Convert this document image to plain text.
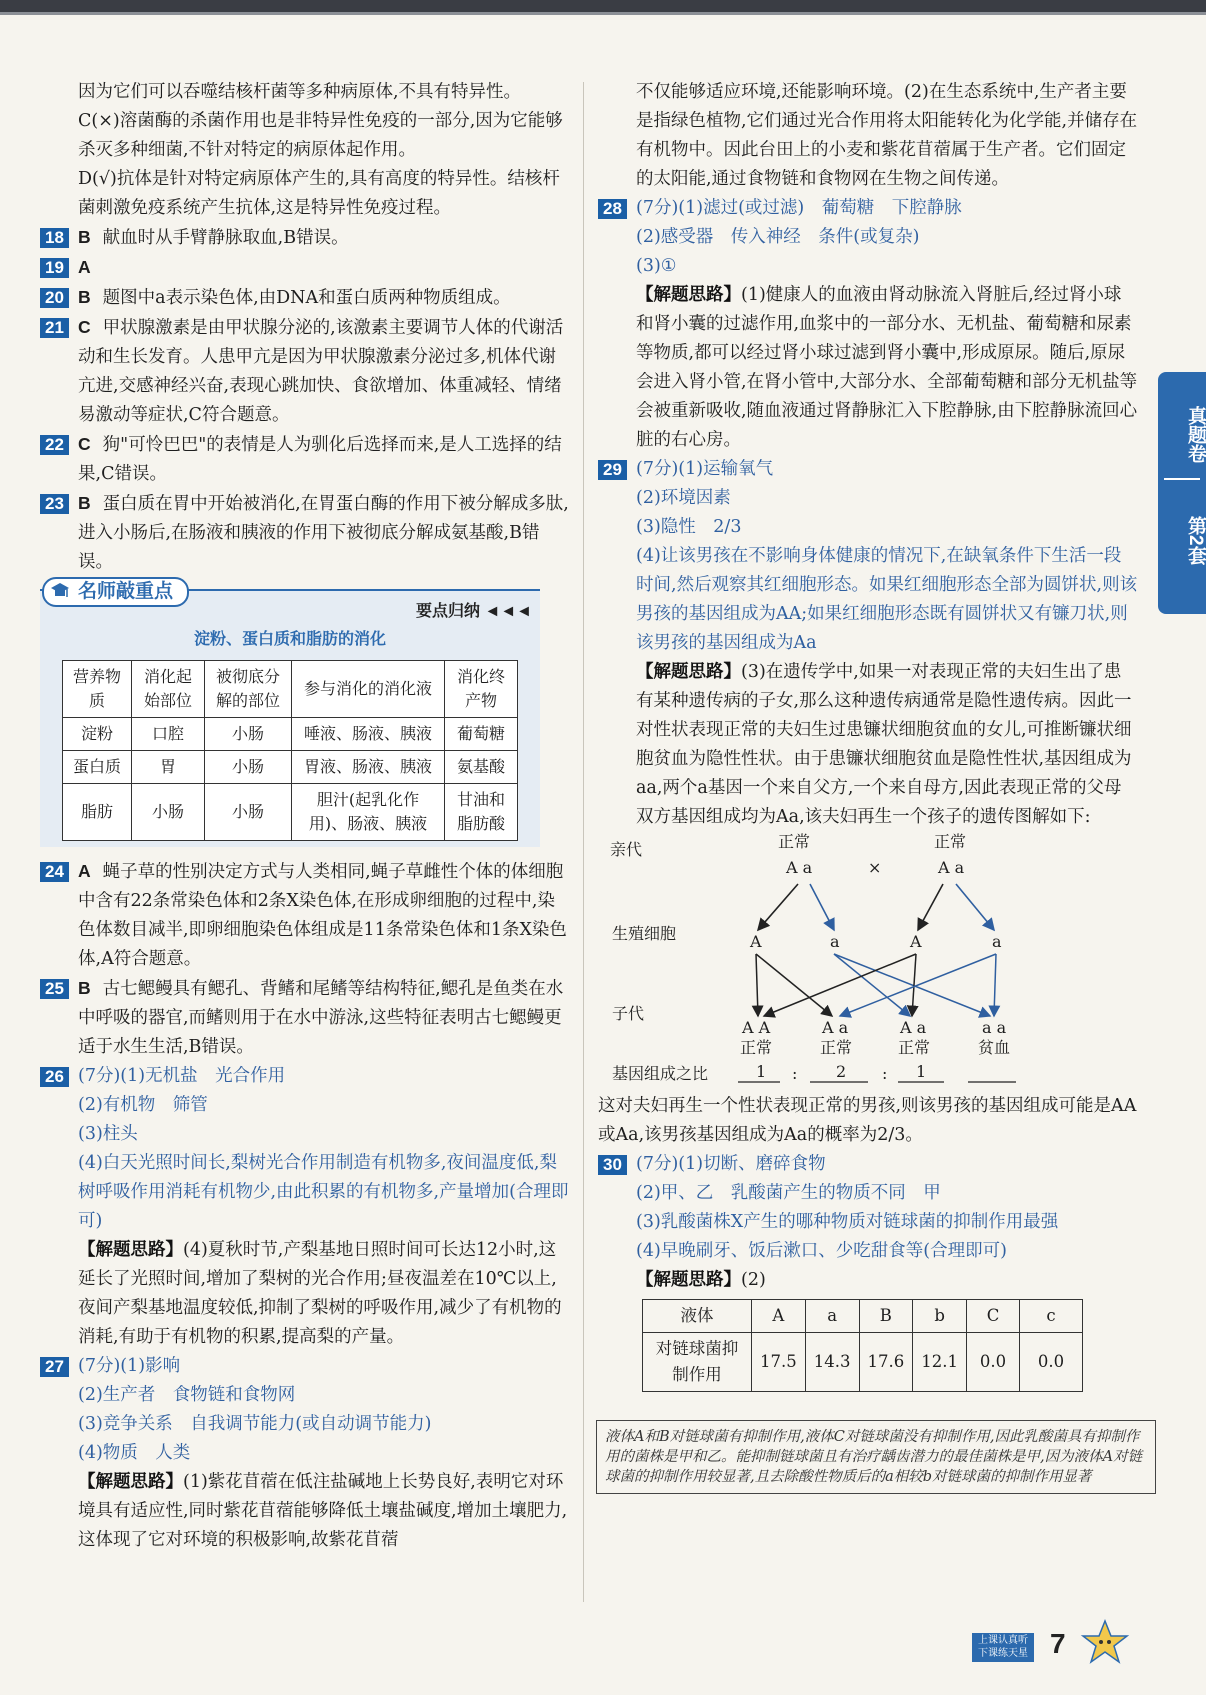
因为它们可以吞噬结核杆菌等多种病原体,不具有特异性。

C(×)溶菌酶的杀菌作用也是非特异性免疫的一部分,因为它能够杀灭多种细菌,不针对特定的病原体起作用。

D(√)抗体是针对特定病原体产生的,具有高度的特异性。结核杆菌刺激免疫系统产生抗体,这是特异性免疫过程。

18 B 献血时从手臂静脉取血,B错误。
19 A
20 B 题图中a表示染色体,由DNA和蛋白质两种物质组成。
21 C 甲状腺激素是由甲状腺分泌的,该激素主要调节人体的代谢活动和生长发育。人患甲亢是因为甲状腺激素分泌过多,机体代谢亢进,交感神经兴奋,表现心跳加快、食欲增加、体重减轻、情绪易激动等症状,C符合题意。
22 C 狗"可怜巴巴"的表情是人为驯化后选择而来,是人工选择的结果,C错误。
23 B 蛋白质在胃中开始被消化,在胃蛋白酶的作用下被分解成多肽,进入小肠后,在肠液和胰液的作用下被彻底分解成氨基酸,B错误。
名师敲重点
要点归纳 ◄◄◄
淀粉、蛋白质和脂肪的消化
营养物质	消化起始部位	被彻底分解的部位	参与消化的消化液	消化终产物
淀粉	口腔	小肠	唾液、肠液、胰液	葡萄糖
蛋白质	胃	小肠	胃液、肠液、胰液	氨基酸
脂肪	小肠	小肠	胆汁(起乳化作用)、肠液、胰液	甘油和脂肪酸
24 A 蝇子草的性别决定方式与人类相同,蝇子草雌性个体的体细胞中含有22条常染色体和2条X染色体,在形成卵细胞的过程中,染色体数目减半,即卵细胞染色体组成是11条常染色体和1条X染色体,A符合题意。
25 B 古七鳃鳗具有鳃孔、背鳍和尾鳍等结构特征,鳃孔是鱼类在水中呼吸的器官,而鳍则用于在水中游泳,这些特征表明古七鳃鳗更适于水生生活,B错误。
26 (7分)(1)无机盐　光合作用

(2)有机物　筛管

(3)柱头

(4)白天光照时间长,梨树光合作用制造有机物多,夜间温度低,梨树呼吸作用消耗有机物少,由此积累的有机物多,产量增加(合理即可)

【解题思路】(4)夏秋时节,产梨基地日照时间可长达12小时,这延长了光照时间,增加了梨树的光合作用;昼夜温差在10℃以上,夜间产梨基地温度较低,抑制了梨树的呼吸作用,减少了有机物的消耗,有助于有机物的积累,提高梨的产量。

27 (7分)(1)影响

(2)生产者　食物链和食物网

(3)竞争关系　自我调节能力(或自动调节能力)

(4)物质　人类

【解题思路】(1)紫花苜蓿在低注盐碱地上长势良好,表明它对环境具有适应性,同时紫花苜蓿能够降低土壤盐碱度,增加土壤肥力,这体现了它对环境的积极影响,故紫花苜蓿

不仅能够适应环境,还能影响环境。(2)在生态系统中,生产者主要是指绿色植物,它们通过光合作用将太阳能转化为化学能,并储存在有机物中。因此台田上的小麦和紫花苜蓿属于生产者。它们固定的太阳能,通过食物链和食物网在生物之间传递。

28 (7分)(1)滤过(或过滤)　葡萄糖　下腔静脉

(2)感受器　传入神经　条件(或复杂)

(3)①

【解题思路】(1)健康人的血液由肾动脉流入肾脏后,经过肾小球和肾小囊的过滤作用,血浆中的一部分水、无机盐、葡萄糖和尿素等物质,都可以经过肾小球过滤到肾小囊中,形成原尿。随后,原尿会进入肾小管,在肾小管中,大部分水、全部葡萄糖和部分无机盐等会被重新吸收,随血液通过肾静脉汇入下腔静脉,由下腔静脉流回心脏的右心房。

29 (7分)(1)运输氧气

(2)环境因素

(3)隐性　2/3

(4)让该男孩在不影响身体健康的情况下,在缺氧条件下生活一段时间,然后观察其红细胞形态。如果红细胞形态全部为圆饼状,则该男孩的基因组成为AA;如果红细胞形态既有圆饼状又有镰刀状,则该男孩的基因组成为Aa

【解题思路】(3)在遗传学中,如果一对表现正常的夫妇生出了患有某种遗传病的子女,那么这种遗传病通常是隐性遗传病。因此一对性状表现正常的夫妇生过患镰状细胞贫血的女儿,可推断镰状细胞贫血为隐性性状。由于患镰状细胞贫血是隐性性状,基因组成为aa,两个a基因一个来自父方,一个来自母方,因此表现正常的父母双方基因组成均为Aa,该夫妇再生一个孩子的遗传图解如下:

亲代	正常	正常
A a	×	A a
生殖细胞	A	a	A	a
子代
A A	A a	A a	a a
正常	正常	正常	贫血
基因组成之比	1 : 2 : 1

这对夫妇再生一个性状表现正常的男孩,则该男孩的基因组成可能是AA或Aa,该男孩基因组成为Aa的概率为2/3。

30 (7分)(1)切断、磨碎食物

(2)甲、乙　乳酸菌产生的物质不同　甲

(3)乳酸菌株X产生的哪种物质对链球菌的抑制作用最强

(4)早晚刷牙、饭后漱口、少吃甜食等(合理即可)

【解题思路】(2)

液体	A	a	B	b	C	c
对链球菌抑制作用	17.5	14.3	17.6	12.1	0.0	0.0
液体A和B对链球菌有抑制作用,液体C对链球菌没有抑制作用,因此乳酸菌具有抑制作用的菌株是甲和乙。能抑制链球菌且有治疗龋齿潜力的最佳菌株是甲,因为液体A对链球菌的抑制作用较显著,且去除酸性物质后的a相较b对链球菌的抑制作用显著
真题卷
第2套
上课认真听
下课练天星 7
